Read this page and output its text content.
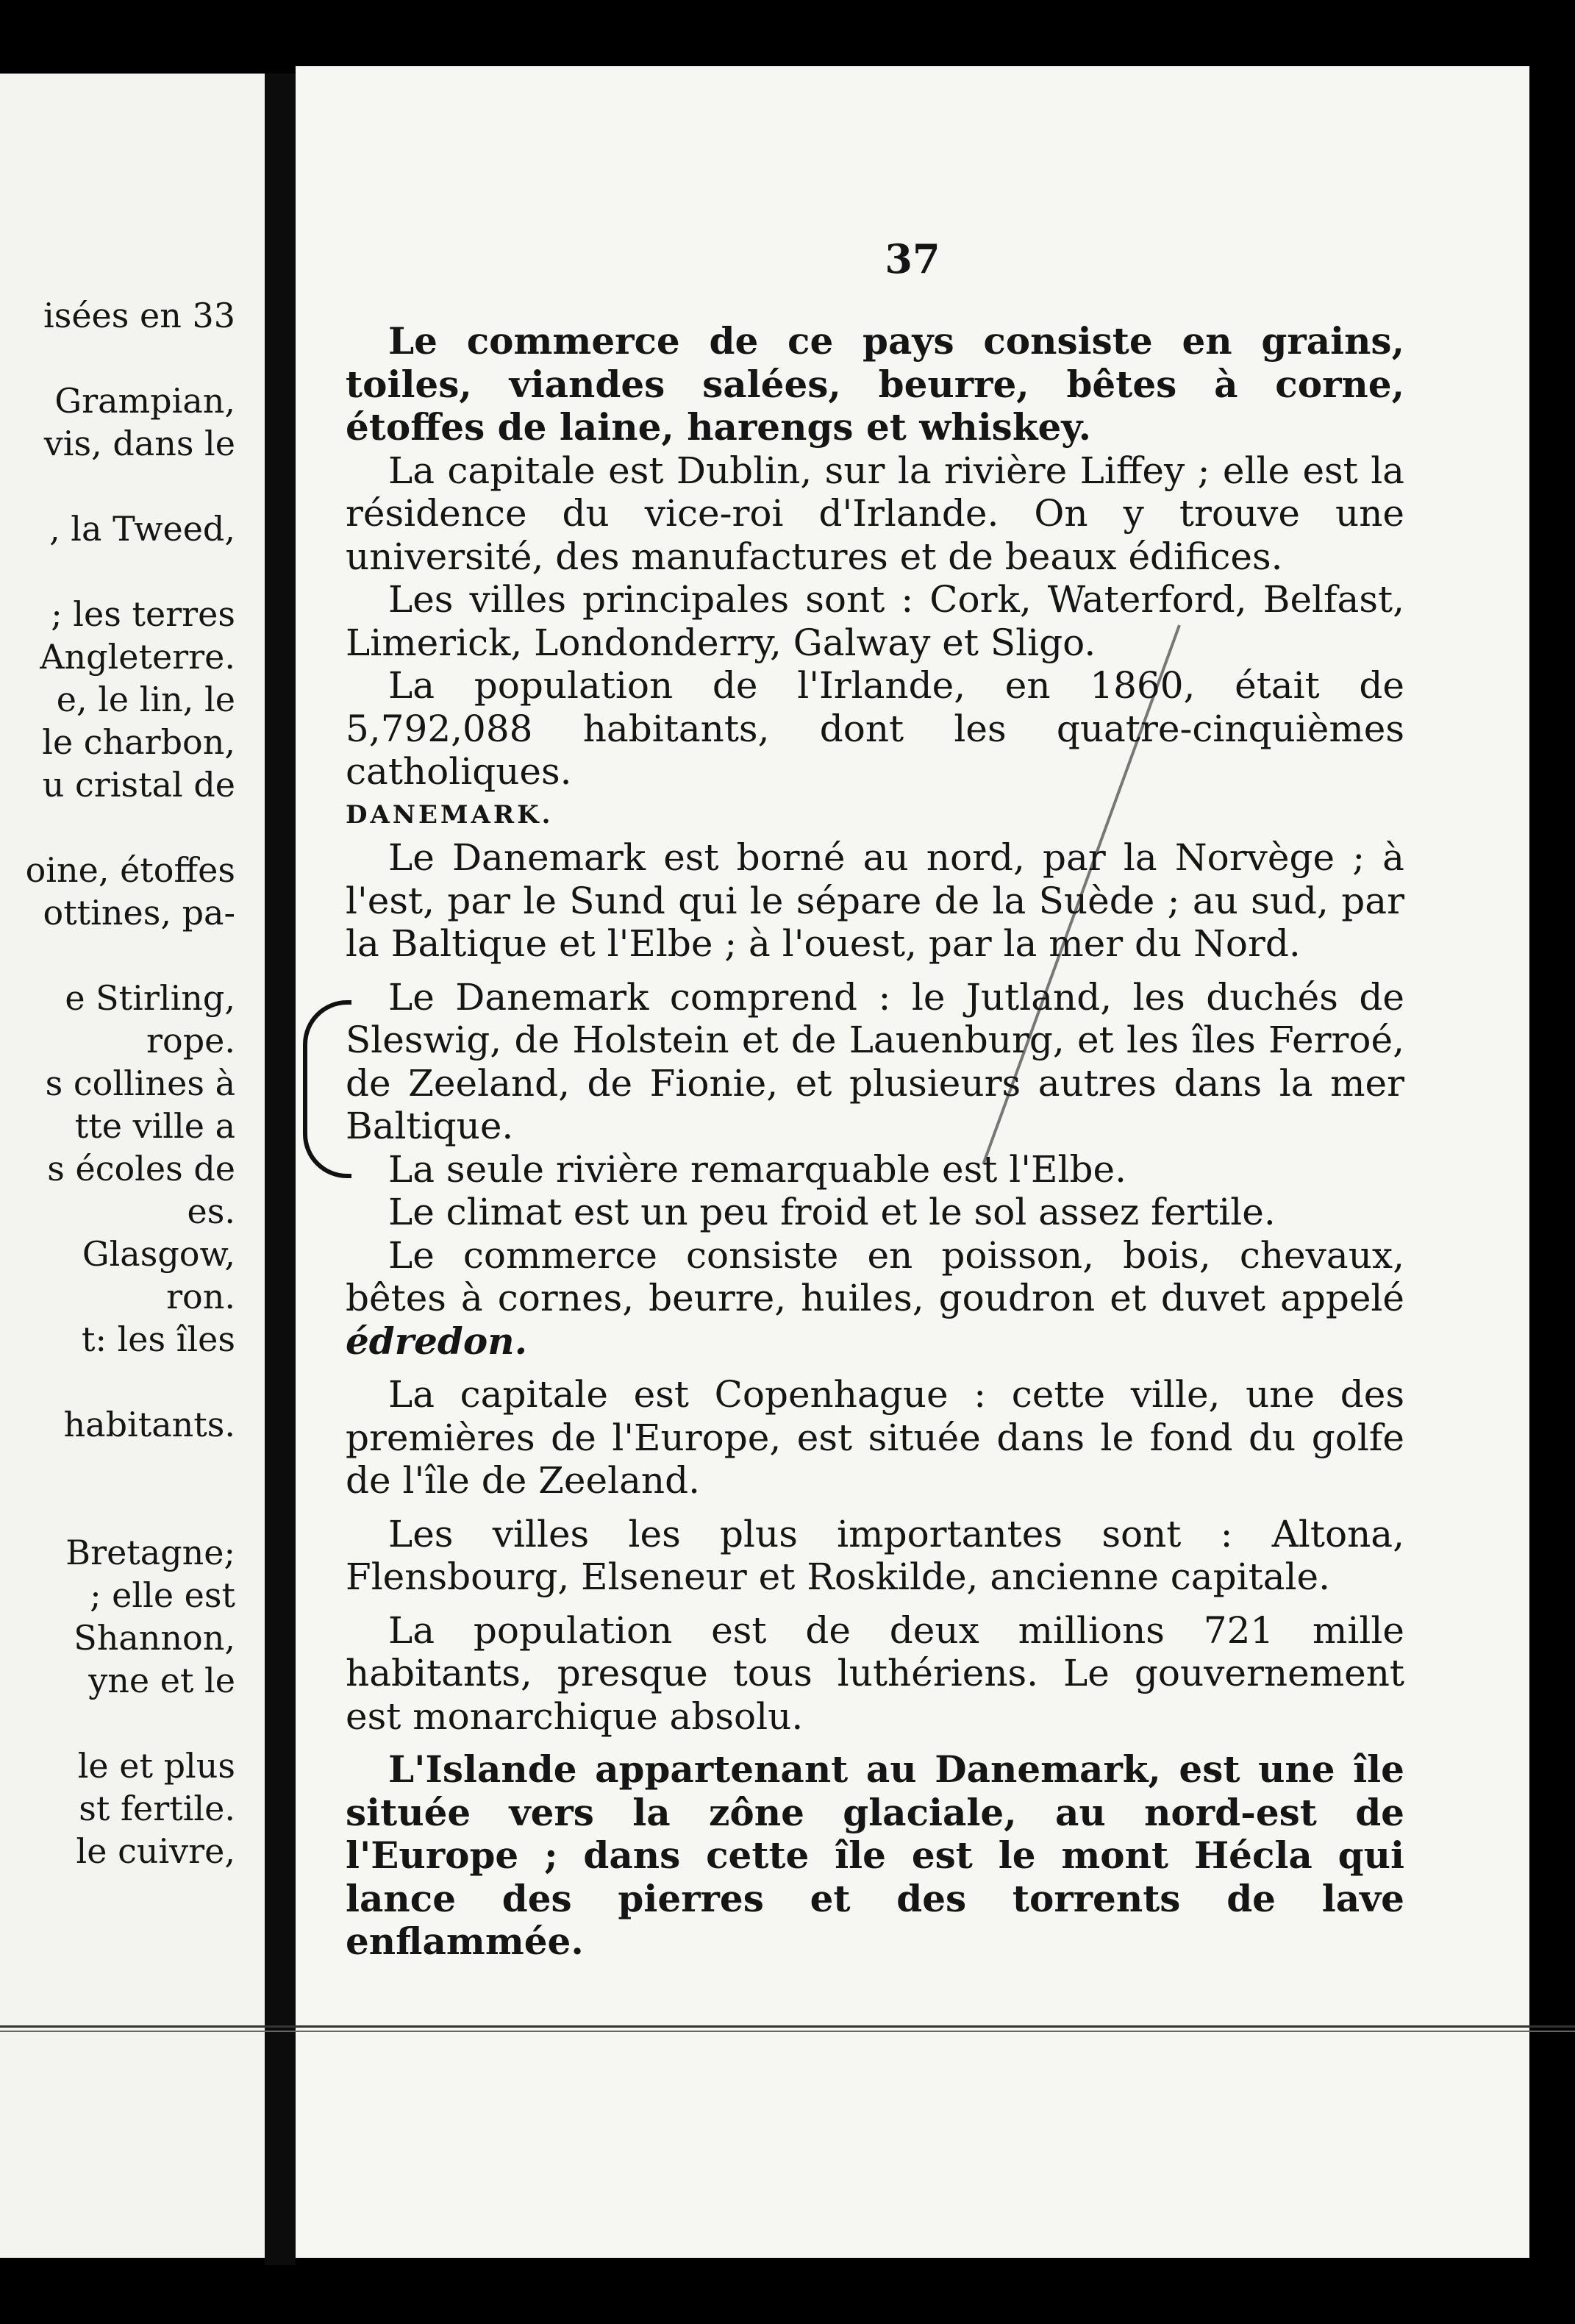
isées en 33
Grampian,
vis, dans le
, la Tweed,
; les terres
Angleterre.
e, le lin, le
le charbon,
u cristal de
oine, étoffes
ottines, pa-
e Stirling,
rope.
s collines à
tte ville a
s écoles de
es.
Glasgow,
ron.
t: les îles
habitants.
Bretagne;
; elle est
Shannon,
yne et le
le et plus
st fertile.
le cuivre,
37

Le commerce de ce pays consiste en grains, toiles, viandes salées, beurre, bêtes à corne, étoffes de laine, harengs et whiskey.

La capitale est Dublin, sur la rivière Liffey ; elle est la résidence du vice-roi d'Irlande. On y trouve une université, des manufactures et de beaux édifices.

Les villes principales sont : Cork, Waterford, Belfast, Limerick, Londonderry, Galway et Sligo.

La population de l'Irlande, en 1860, était de 5,792,088 habitants, dont les quatre-cinquièmes catholiques.

DANEMARK.

Le Danemark est borné au nord, par la Norvège ; à l'est, par le Sund qui le sépare de la Suède ; au sud, par la Baltique et l'Elbe ; à l'ouest, par la mer du Nord.

Le Danemark comprend : le Jutland, les duchés de Sleswig, de Holstein et de Lauenburg, et les îles Ferroé, de Zeeland, de Fionie, et plusieurs autres dans la mer Baltique.

La seule rivière remarquable est l'Elbe.

Le climat est un peu froid et le sol assez fertile.

Le commerce consiste en poisson, bois, chevaux, bêtes à cornes, beurre, huiles, goudron et duvet appelé édredon.

La capitale est Copenhague : cette ville, une des premières de l'Europe, est située dans le fond du golfe de l'île de Zeeland.

Les villes les plus importantes sont : Altona, Flensbourg, Elseneur et Roskilde, ancienne capitale.

La population est de deux millions 721 mille habitants, presque tous luthériens. Le gouvernement est monarchique absolu.

L'Islande appartenant au Danemark, est une île située vers la zône glaciale, au nord-est de l'Europe ; dans cette île est le mont Hécla qui lance des pierres et des torrents de lave enflammée.
